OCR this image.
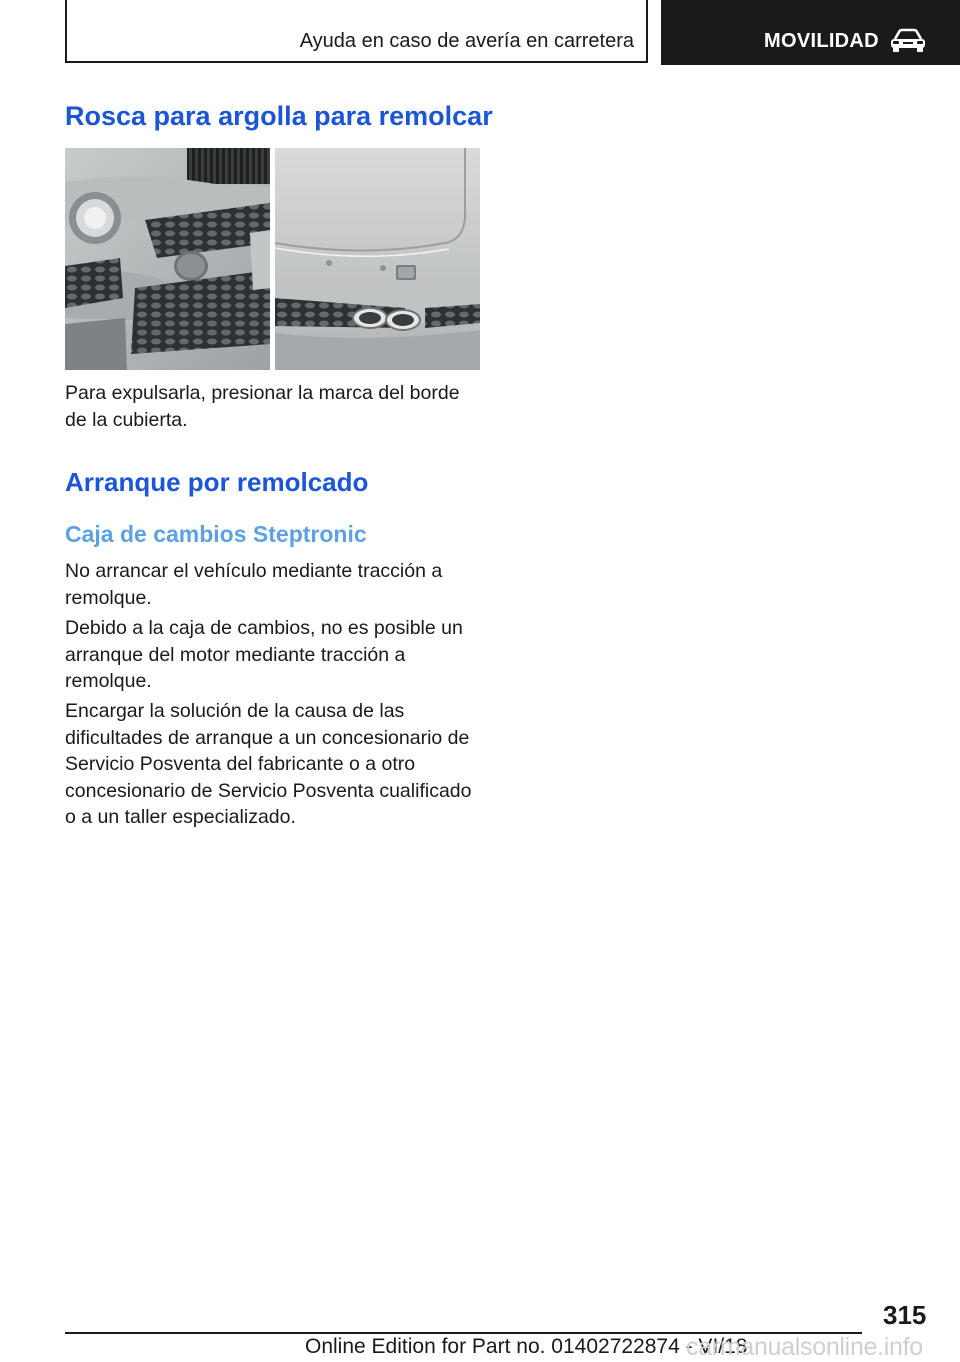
Ayuda en caso de avería en carretera	MOVILIDAD
Rosca para argolla para remolcar

Para expulsarla, presionar la marca del borde de la cubierta.

Arranque por remolcado
Caja de cambios Steptronic

No arrancar el vehículo mediante tracción a remolque.

Debido a la caja de cambios, no es posible un arranque del motor mediante tracción a remolque.

Encargar la solución de la causa de las dificultades de arranque a un concesionario de Servicio Posventa del fabricante o a otro concesionario de Servicio Posventa cualificado o a un taller especializado.

315
Online Edition for Part no. 01402722874 - VI/18
carmanualsonline.info
